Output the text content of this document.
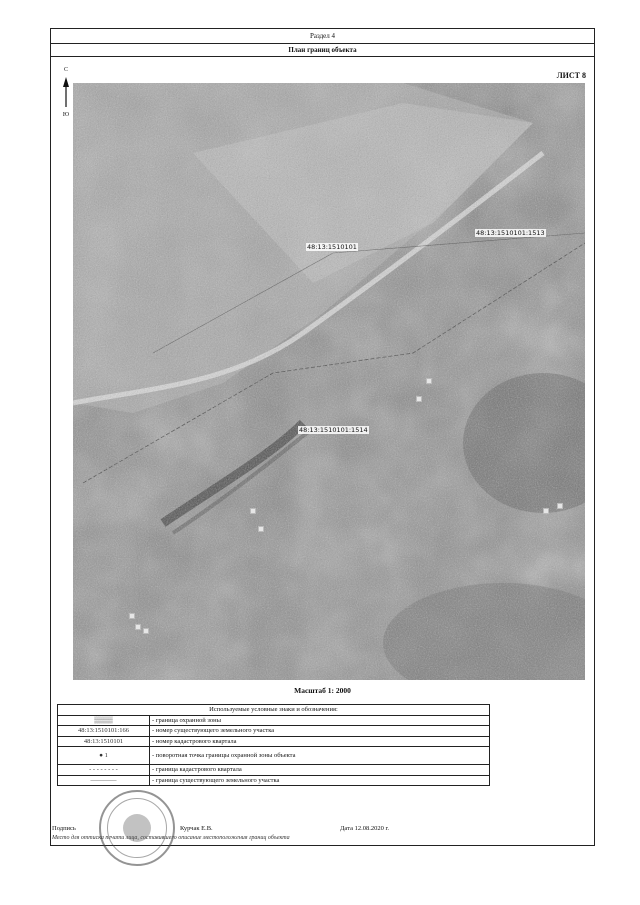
Раздел 4
План границ объекта
С
Ю
ЛИСТ 8
48:13:1510101
48:13:1510101:1513
48:13:1510101:1514
Масштаб 1: 2000
Используемые условные знаки и обозначения:	
▒▒▒▒	- граница охранной зоны
48:13:1510101:166	- номер существующего земельного участка
48:13:1510101	- номер кадастрового квартала
● 1	- поворотная точка границы охранной зоны объекта
- - - - - - - -	- граница кадастрового квартала
————	- граница существующего земельного участка
Подпись	Курчак Е.В.	Дата 12.08.2020 г.
Место для оттиска печати лица, составившего описание местоположения границ объекта
